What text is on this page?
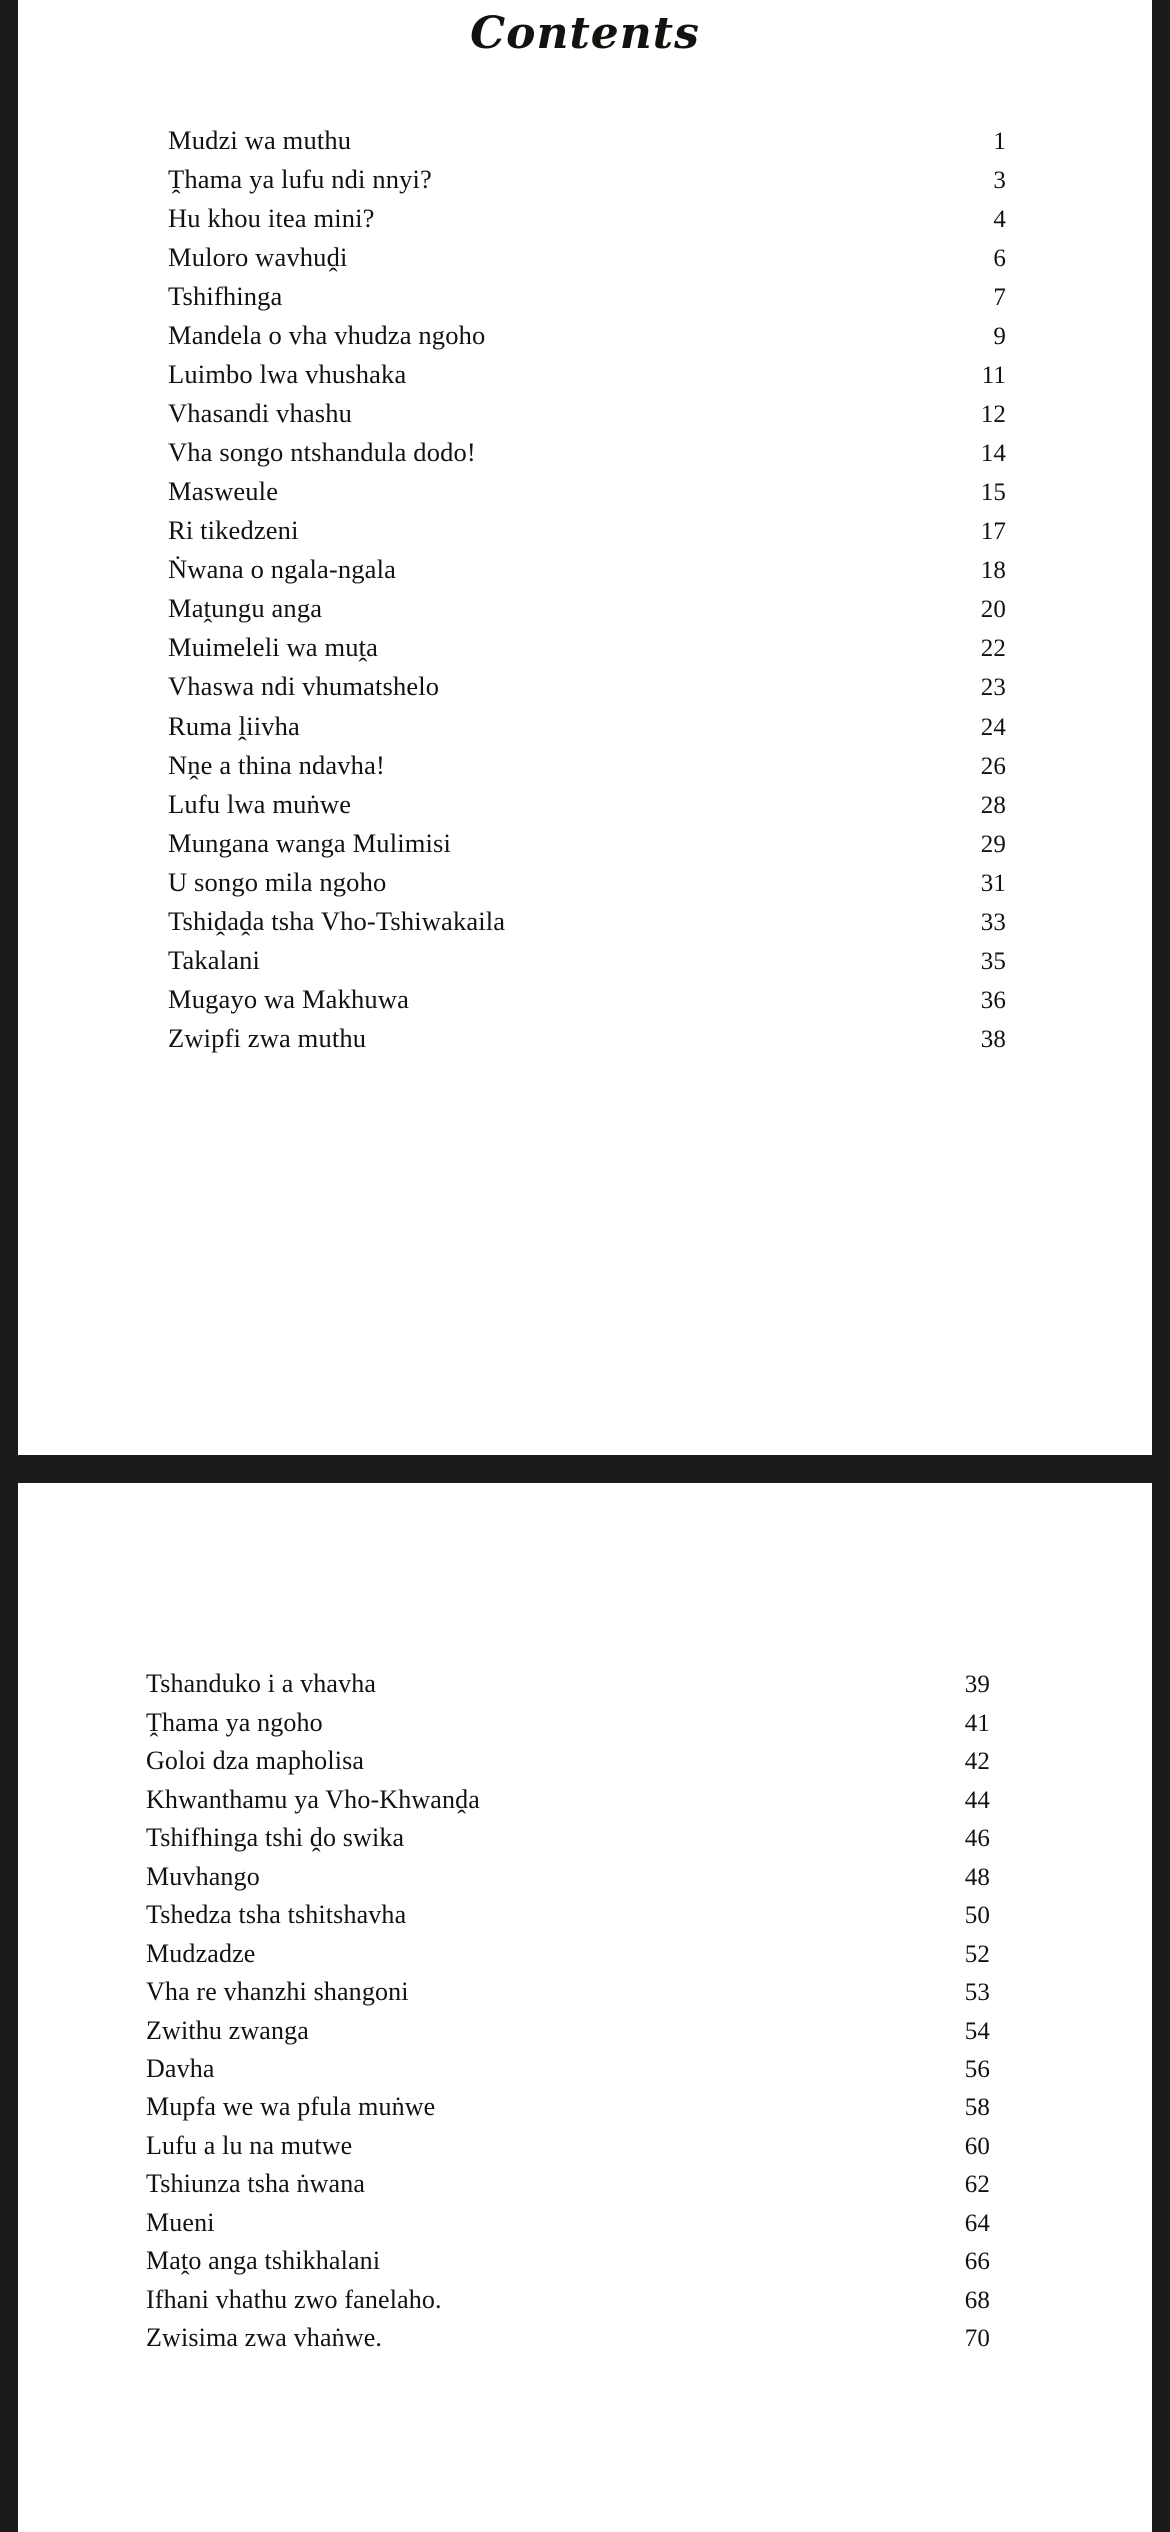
Contents
Mudzi wa muthu	1
Ṱhama ya lufu ndi nnyi?	3
Hu khou itea mini?	4
Muloro wavhuḓi	6
Tshifhinga	7
Mandela o vha vhudza ngoho	9
Luimbo lwa vhushaka	11
Vhasandi vhashu	12
Vha songo ntshandula dodo!	14
Masweule	15
Ri tikedzeni	17
Ṅwana o ngala-ngala	18
Maṱungu anga	20
Muimeleli wa muṱa	22
Vhaswa ndi vhumatshelo	23
Ruma ḽiivha	24
Nṋe a thina ndavha!	26
Lufu lwa muṅwe	28
Mungana wanga Mulimisi	29
U songo mila ngoho	31
Tshiḓaḓa tsha Vho-Tshiwakaila	33
Takalani	35
Mugayo wa Makhuwa	36
Zwipfi zwa muthu	38
Tshanduko i a vhavha	39
Ṱhama ya ngoho	41
Goloi dza mapholisa	42
Khwanthamu ya Vho-Khwanḓa	44
Tshifhinga tshi ḓo swika	46
Muvhango	48
Tshedza tsha tshitshavha	50
Mudzadze	52
Vha re vhanzhi shangoni	53
Zwithu zwanga	54
Davha	56
Mupfa we wa pfula muṅwe	58
Lufu a lu na mutwe	60
Tshiunza tsha ṅwana	62
Mueni	64
Maṱo anga tshikhalani	66
Ifhani vhathu zwo fanelaho.	68
Zwisima zwa vhaṅwe.	70
